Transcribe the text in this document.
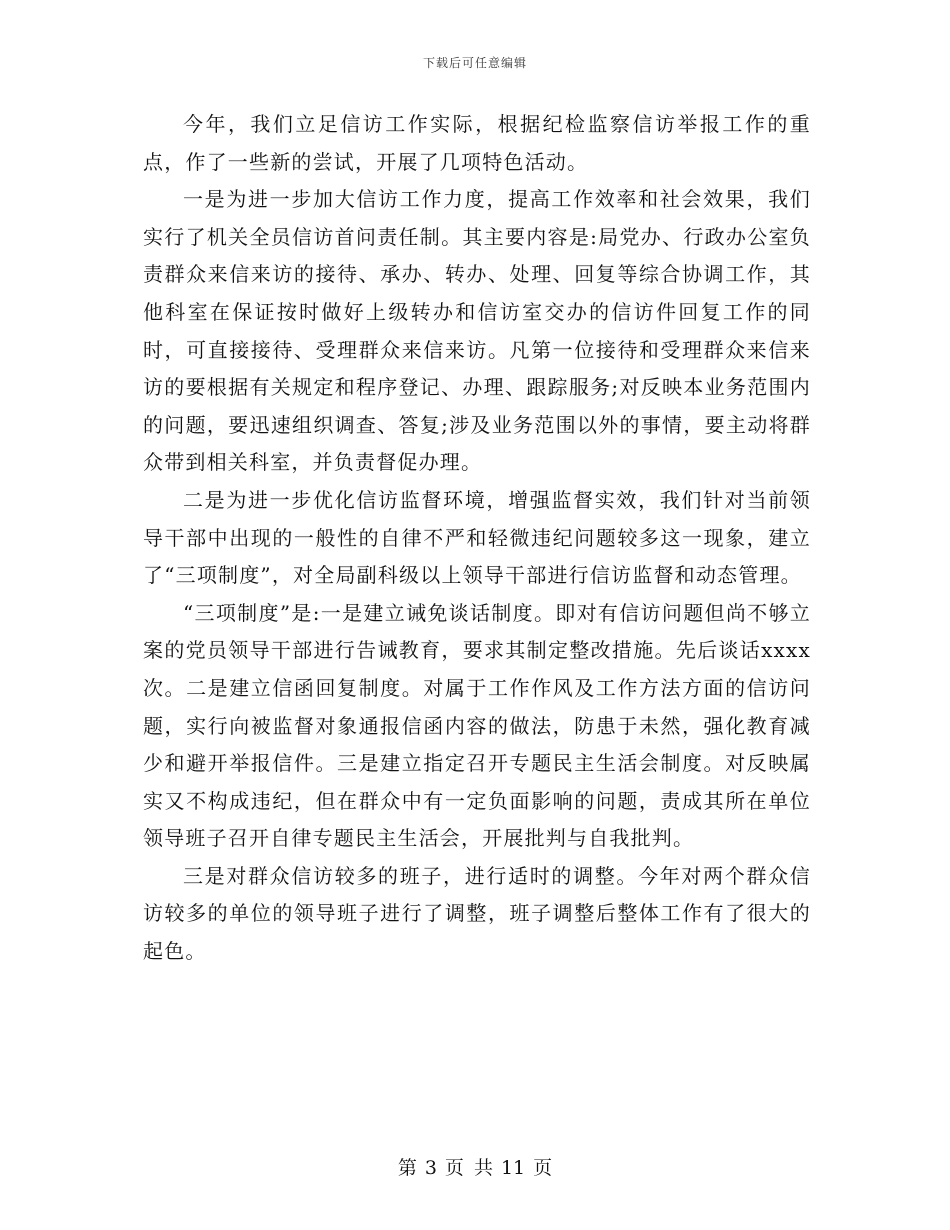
下载后可任意编辑

今年，我们立足信访工作实际，根据纪检监察信访举报工作的重点，作了一些新的尝试，开展了几项特色活动。

一是为进一步加大信访工作力度，提高工作效率和社会效果，我们实行了机关全员信访首问责任制。其主要内容是:局党办、行政办公室负责群众来信来访的接待、承办、转办、处理、回复等综合协调工作，其他科室在保证按时做好上级转办和信访室交办的信访件回复工作的同时，可直接接待、受理群众来信来访。凡第一位接待和受理群众来信来访的要根据有关规定和程序登记、办理、跟踪服务;对反映本业务范围内的问题，要迅速组织调查、答复;涉及业务范围以外的事情，要主动将群众带到相关科室，并负责督促办理。

二是为进一步优化信访监督环境，增强监督实效，我们针对当前领导干部中出现的一般性的自律不严和轻微违纪问题较多这一现象，建立了“三项制度”，对全局副科级以上领导干部进行信访监督和动态管理。

“三项制度”是:一是建立诫免谈话制度。即对有信访问题但尚不够立案的党员领导干部进行告诫教育，要求其制定整改措施。先后谈话xxxx次。二是建立信函回复制度。对属于工作作风及工作方法方面的信访问题，实行向被监督对象通报信函内容的做法，防患于未然，强化教育减少和避开举报信件。三是建立指定召开专题民主生活会制度。对反映属实又不构成违纪，但在群众中有一定负面影响的问题，责成其所在单位领导班子召开自律专题民主生活会，开展批判与自我批判。

三是对群众信访较多的班子，进行适时的调整。今年对两个群众信访较多的单位的领导班子进行了调整，班子调整后整体工作有了很大的起色。

第 3 页 共 11 页
